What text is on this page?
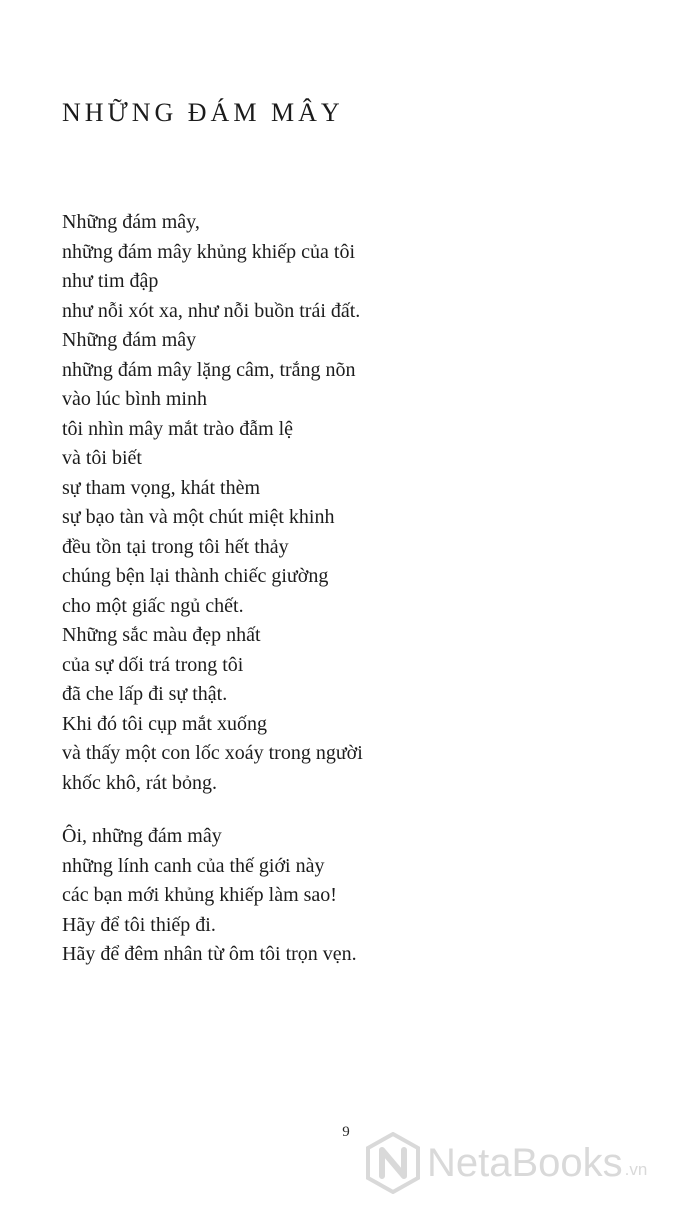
NHỮNG ĐÁM MÂY
Những đám mây,
những đám mây khủng khiếp của tôi
như tim đập
như nỗi xót xa, như nỗi buồn trái đất.
Những đám mây
những đám mây lặng câm, trắng nõn
vào lúc bình minh
tôi nhìn mây mắt trào đẫm lệ
và tôi biết
sự tham vọng, khát thèm
sự bạo tàn và một chút miệt khinh
đều tồn tại trong tôi hết thảy
chúng bện lại thành chiếc giường
cho một giấc ngủ chết.
Những sắc màu đẹp nhất
của sự dối trá trong tôi
đã che lấp đi sự thật.
Khi đó tôi cụp mắt xuống
và thấy một con lốc xoáy trong người
khốc khô, rát bỏng.
Ôi, những đám mây
những lính canh của thế giới này
các bạn mới khủng khiếp làm sao!
Hãy để tôi thiếp đi.
Hãy để đêm nhân từ ôm tôi trọn vẹn.
9
NetaBooks .vn
